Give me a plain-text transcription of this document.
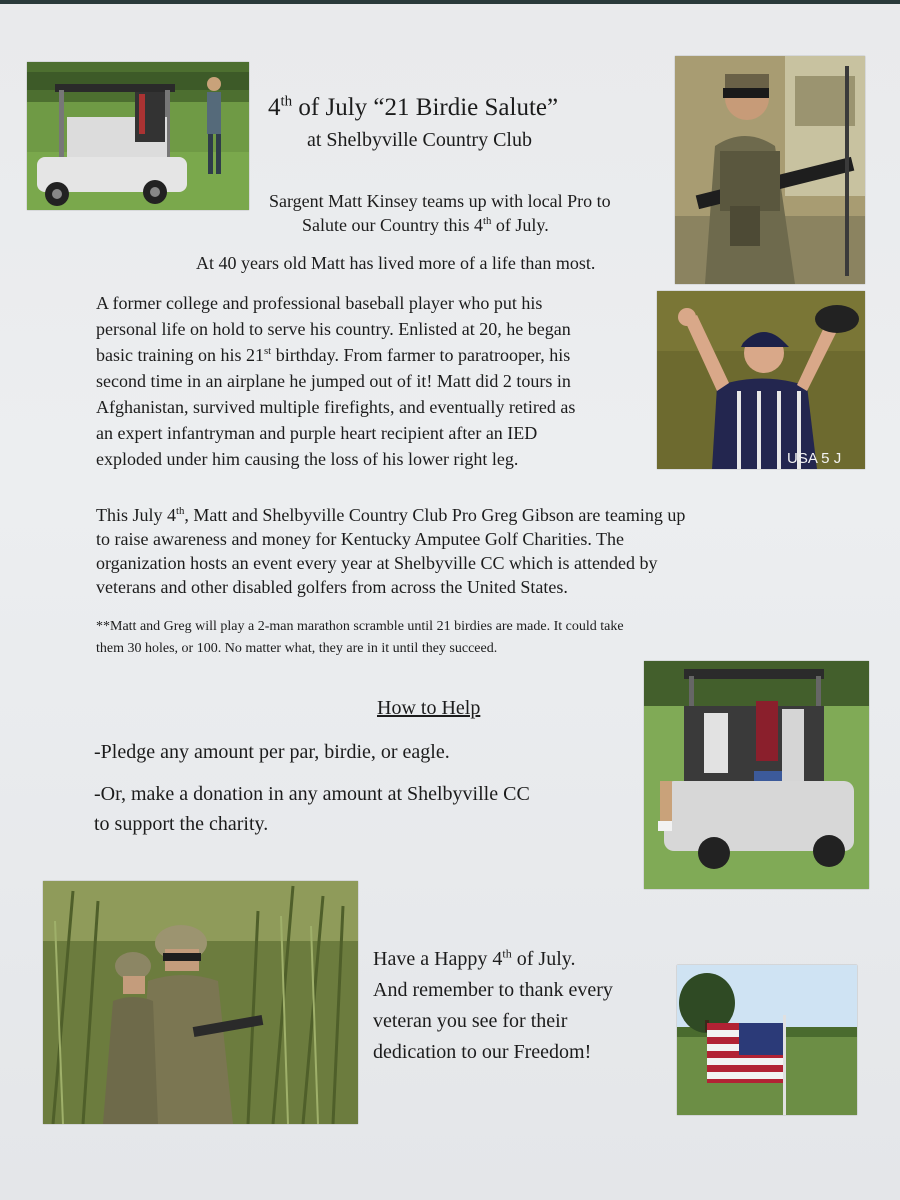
USA 5 J
4th of July “21 Birdie Salute”
at Shelbyville Country Club
Sargent Matt Kinsey teams up with local Pro to
Salute our Country this 4th of July.
At 40 years old Matt has lived more of a life than most.
A former college and professional baseball player who put his
personal life on hold to serve his country. Enlisted at 20, he began
basic training on his 21st birthday. From farmer to paratrooper, his
second time in an airplane he jumped out of it! Matt did 2 tours in
Afghanistan, survived multiple firefights, and eventually retired as
an expert infantryman and purple heart recipient after an IED
exploded under him causing the loss of his lower right leg.
This July 4th, Matt and Shelbyville Country Club Pro Greg Gibson are teaming up
to raise awareness and money for Kentucky Amputee Golf Charities. The
organization hosts an event every year at Shelbyville CC which is attended by
veterans and other disabled golfers from across the United States.
**Matt and Greg will play a 2-man marathon scramble until 21 birdies are made. It could take
them 30 holes, or 100. No matter what, they are in it until they succeed.
How to Help
-Pledge any amount per par, birdie, or eagle.
-Or, make a donation in any amount at Shelbyville CC
to support the charity.
Have a Happy 4th of July.
And remember to thank every
veteran you see for their
dedication to our Freedom!
